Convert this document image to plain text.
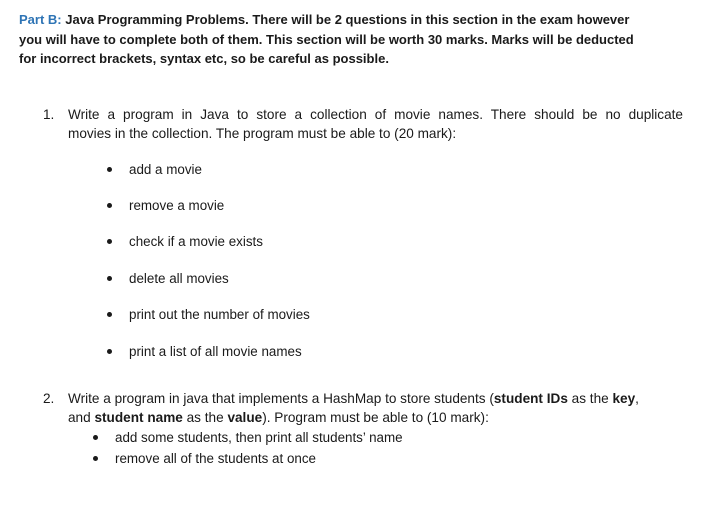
Part B: Java Programming Problems. There will be 2 questions in this section in the exam however
you will have to complete both of them. This section will be worth 30 marks. Marks will be deducted
for incorrect brackets, syntax etc, so be careful as possible.
1. Write a program in Java to store a collection of movie names. There should be no duplicate
movies in the collection. The program must be able to (20 mark):
add a movie
remove a movie
check if a movie exists
delete all movies
print out the number of movies
print a list of all movie names
2. Write a program in java that implements a HashMap to store students (student IDs as the key,
and student name as the value). Program must be able to (10 mark):
add some students, then print all students’ name
remove all of the students at once
